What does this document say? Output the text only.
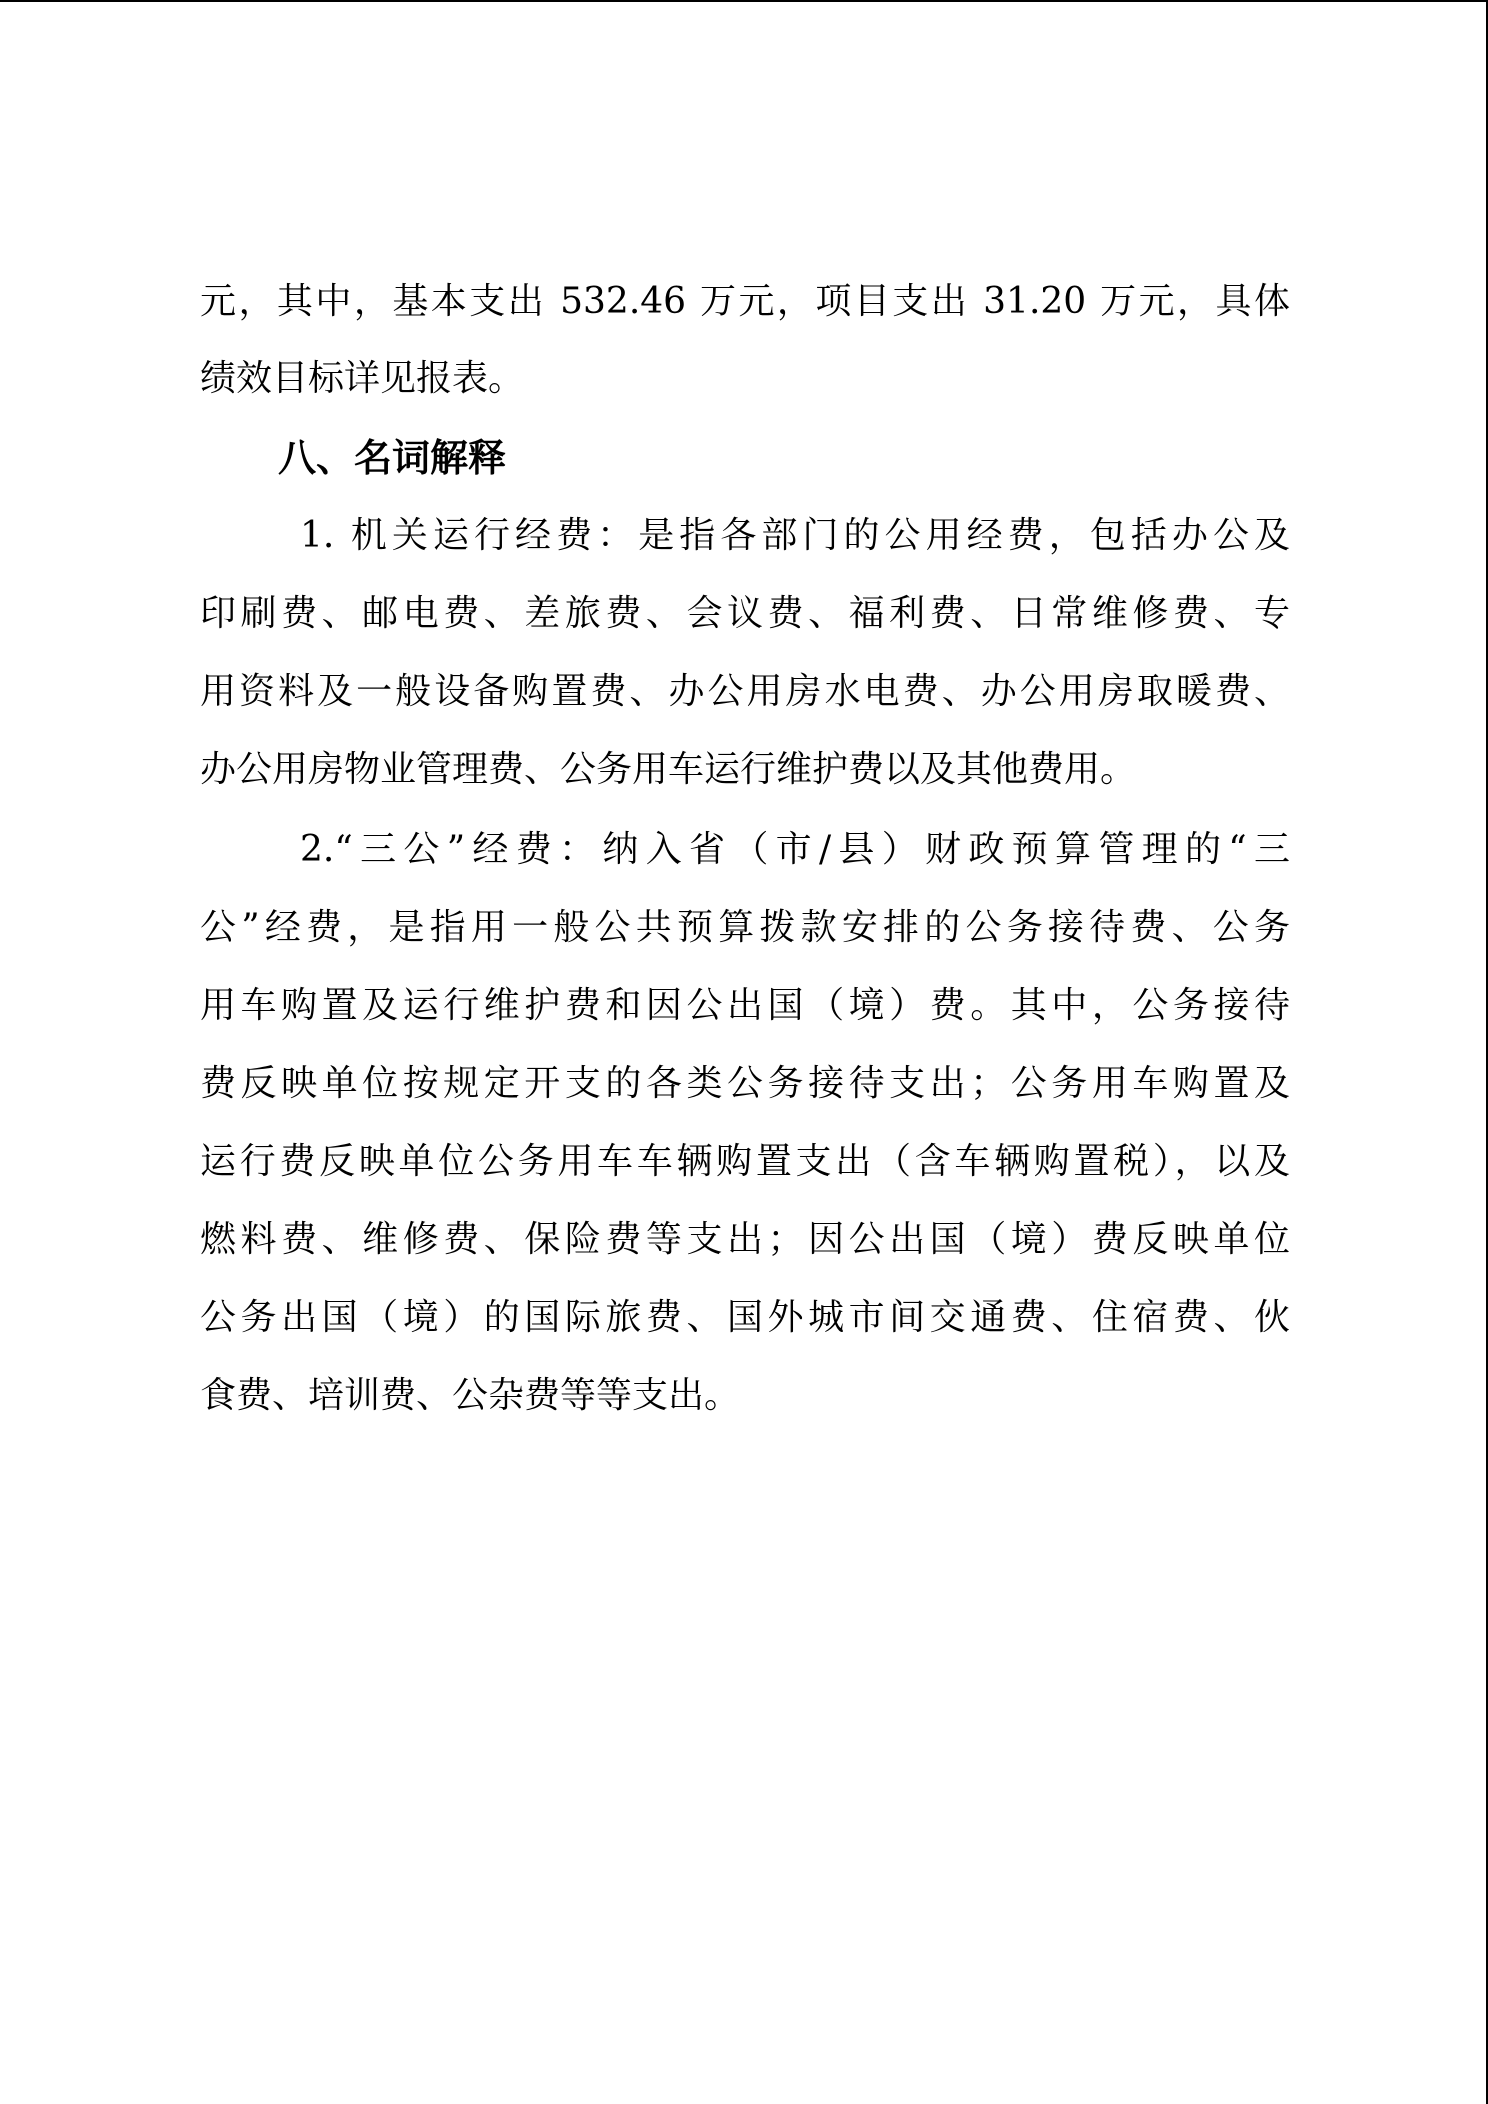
元，其中，基本支出 532.46 万元，项目支出 31.20 万元，具体
绩效目标详见报表。
八、名词解释
1. 机关运行经费：是指各部门的公用经费，包括办公及
印刷费、邮电费、差旅费、会议费、福利费、日常维修费、专
用资料及一般设备购置费、办公用房水电费、办公用房取暖费、
办公用房物业管理费、公务用车运行维护费以及其他费用。
2.“三公”经费：纳入省（市/县）财政预算管理的“三
公”经费，是指用一般公共预算拨款安排的公务接待费、公务
用车购置及运行维护费和因公出国（境）费。其中，公务接待
费反映单位按规定开支的各类公务接待支出；公务用车购置及
运行费反映单位公务用车车辆购置支出（含车辆购置税），以及
燃料费、维修费、保险费等支出；因公出国（境）费反映单位
公务出国（境）的国际旅费、国外城市间交通费、住宿费、伙
食费、培训费、公杂费等等支出。
